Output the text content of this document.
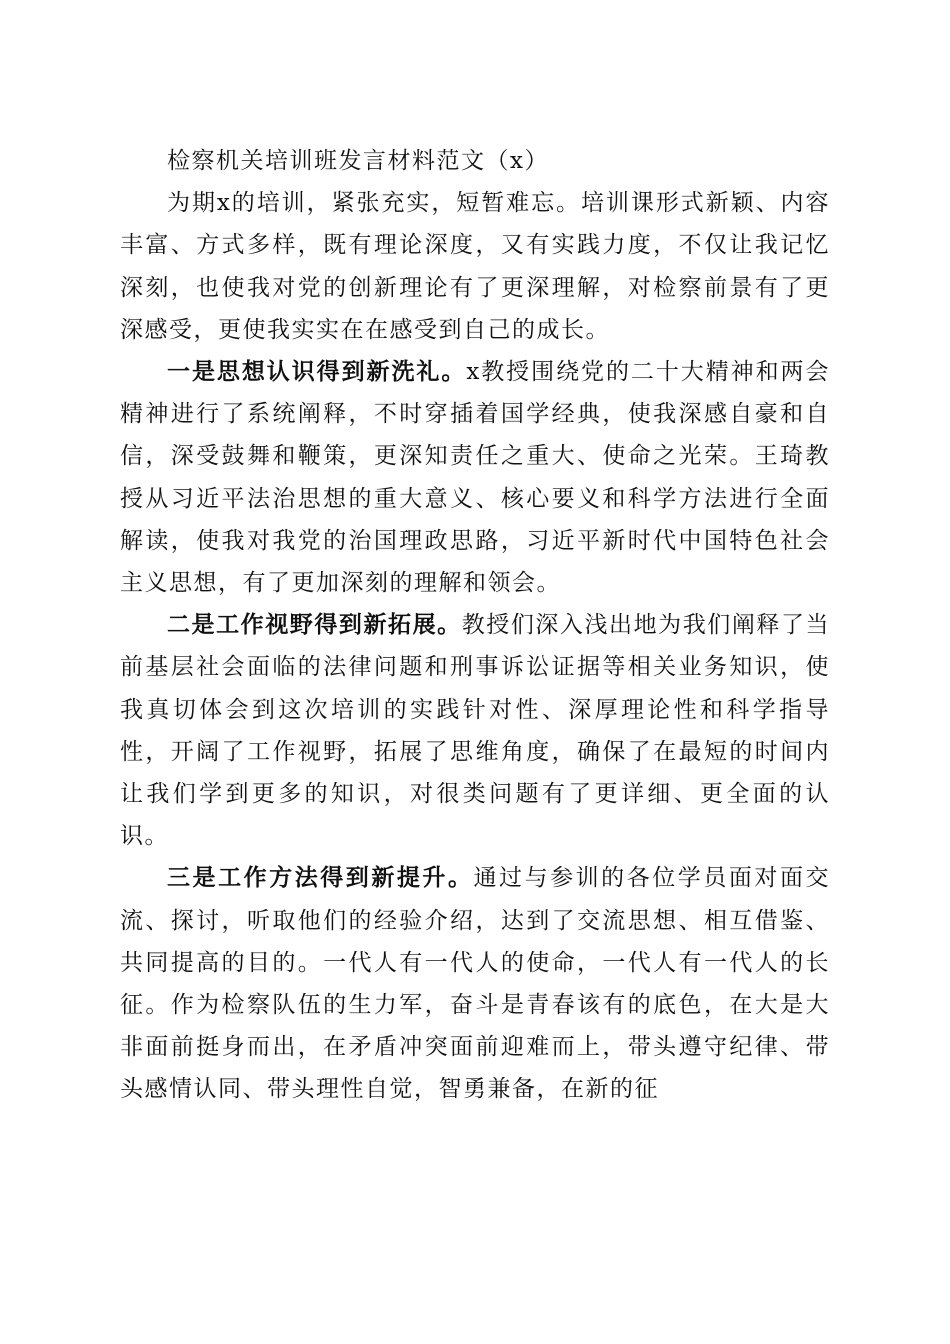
检察机关培训班发言材料范文（x）

为期x的培训，紧张充实，短暂难忘。培训课形式新颖、内容丰富、方式多样，既有理论深度，又有实践力度，不仅让我记忆深刻，也使我对党的创新理论有了更深理解，对检察前景有了更深感受，更使我实实在在感受到自己的成长。

一是思想认识得到新洗礼。x教授围绕党的二十大精神和两会精神进行了系统阐释，不时穿插着国学经典，使我深感自豪和自信，深受鼓舞和鞭策，更深知责任之重大、使命之光荣。王琦教授从习近平法治思想的重大意义、核心要义和科学方法进行全面解读，使我对我党的治国理政思路，习近平新时代中国特色社会主义思想，有了更加深刻的理解和领会。

二是工作视野得到新拓展。教授们深入浅出地为我们阐释了当前基层社会面临的法律问题和刑事诉讼证据等相关业务知识，使我真切体会到这次培训的实践针对性、深厚理论性和科学指导性，开阔了工作视野，拓展了思维角度，确保了在最短的时间内让我们学到更多的知识，对很类问题有了更详细、更全面的认识。

三是工作方法得到新提升。通过与参训的各位学员面对面交流、探讨，听取他们的经验介绍，达到了交流思想、相互借鉴、共同提高的目的。一代人有一代人的使命，一代人有一代人的长征。作为检察队伍的生力军，奋斗是青春该有的底色，在大是大非面前挺身而出，在矛盾冲突面前迎难而上，带头遵守纪律、带头感情认同、带头理性自觉，智勇兼备，在新的征
